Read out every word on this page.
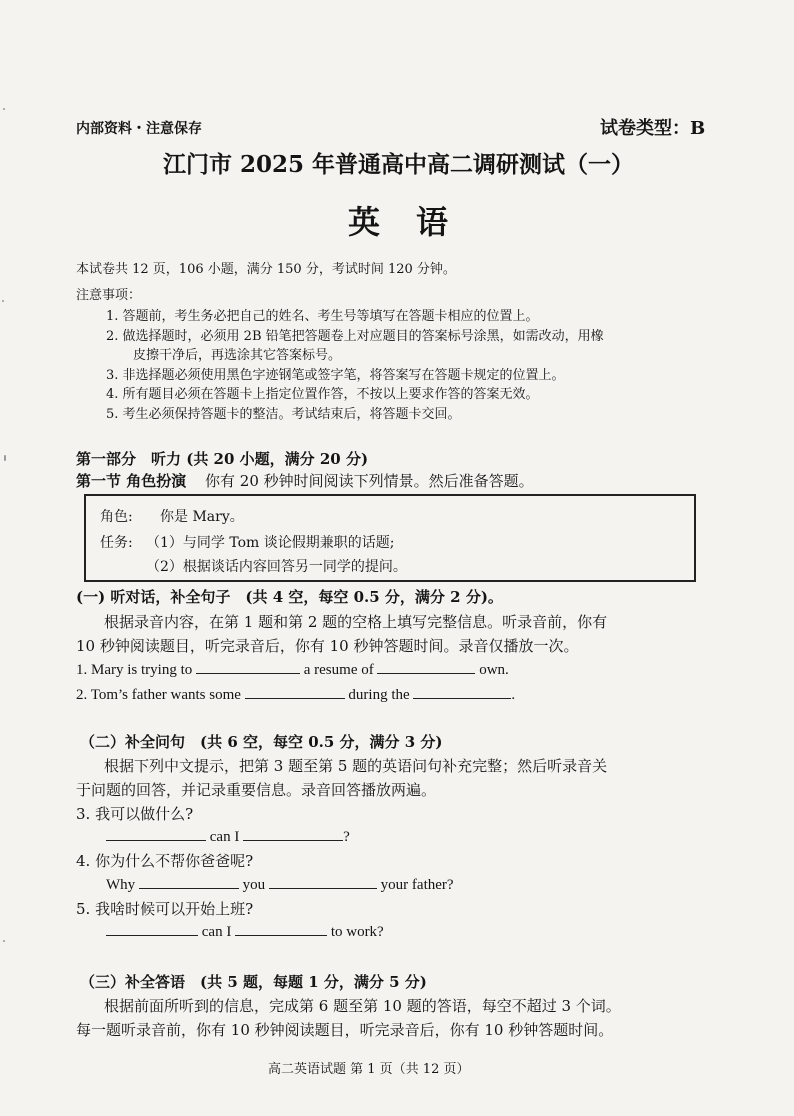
内部资料・注意保存	试卷类型：B
江门市 2025 年普通高中高二调研测试（一）
英　语
本试卷共 12 页，106 小题，满分 150 分，考试时间 120 分钟。
注意事项：
1. 答题前，考生务必把自己的姓名、考生号等填写在答题卡相应的位置上。
2. 做选择题时，必须用 2B 铅笔把答题卷上对应题目的答案标号涂黑，如需改动，用橡
皮擦干净后，再选涂其它答案标号。
3. 非选择题必须使用黑色字迹钢笔或签字笔，将答案写在答题卡规定的位置上。
4. 所有题目必须在答题卡上指定位置作答，不按以上要求作答的答案无效。
5. 考生必须保持答题卡的整洁。考试结束后，将答题卡交回。
第一部分　听力 (共 20 小题，满分 20 分)
第一节 角色扮演 你有 20 秒钟时间阅读下列情景。然后准备答题。
角色: 你是 Mary。
任务: （1）与同学 Tom 谈论假期兼职的话题;
（2）根据谈话内容回答另一同学的提问。
(一) 听对话，补全句子　(共 4 空，每空 0.5 分，满分 2 分)。
根据录音内容，在第 1 题和第 2 题的空格上填写完整信息。听录音前，你有
10 秒钟阅读题目，听完录音后，你有 10 秒钟答题时间。录音仅播放一次。
1. Mary is trying to	a resume of	own.
2. Tom’s father wants some	during the	.
（二）补全问句　(共 6 空，每空 0.5 分，满分 3 分)
根据下列中文提示，把第 3 题至第 5 题的英语问句补充完整；然后听录音关
于问题的回答，并记录重要信息。录音回答播放两遍。
3. 我可以做什么?
can I	?
4. 你为什么不帮你爸爸呢?
Why	you	your father?
5. 我啥时候可以开始上班?
can I	to work?
（三）补全答语　(共 5 题，每题 1 分，满分 5 分)
根据前面所听到的信息，完成第 6 题至第 10 题的答语，每空不超过 3 个词。
每一题听录音前，你有 10 秒钟阅读题目，听完录音后，你有 10 秒钟答题时间。
高二英语试题 第 1 页（共 12 页）
